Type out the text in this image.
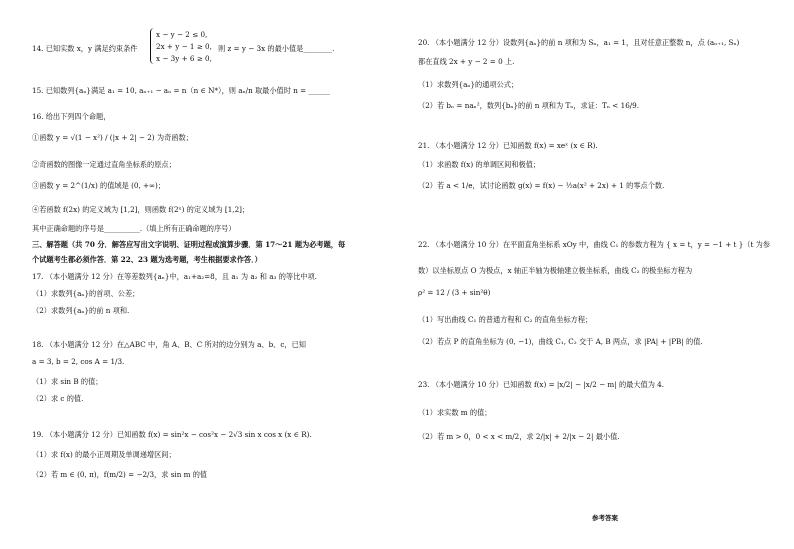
14. 已知实数 x，y 满足约束条件
x − y − 2 ≤ 0,
2x + y − 1 ≥ 0,
x − 3y + 6 ≥ 0,
则 z = y − 3x 的最小值是________.
15. 已知数列{aₙ}满足 a₁ = 10, aₙ₊₁ − aₙ = n（n ∈ N*），则 aₙ/n 取最小值时 n = ______
16. 给出下列四个命题，
①函数 y = √(1 − x²) / (|x + 2| − 2) 为奇函数；
②奇函数的图像一定通过直角坐标系的原点；
③函数 y = 2^(1/x) 的值域是 (0, +∞)；
④若函数 f(2x) 的定义域为 [1,2]，则函数 f(2ˣ) 的定义域为 [1,2]；
其中正确命题的序号是__________.（填上所有正确命题的序号）
三、解答题（共 70 分．解答应写出文字说明、证明过程或演算步骤．第 17～21 题为必考题，每
个试题考生都必须作答．第 22、23 题为选考题，考生根据要求作答．）
17. （本小题满分 12 分）在等差数列{aₙ}中，a₁+a₂=8，且 a₁ 为 a₂ 和 a₃ 的等比中项.
（1）求数列{aₙ}的首项、公差；
（2）求数列{aₙ}的前 n 项和.
18. （本小题满分 12 分）在△ABC 中，角 A、B、C 所对的边分别为 a、b、c，已知
a = 3, b = 2, cos A = 1/3.
（1）求 sin B 的值；
（2）求 c 的值.
19. （本小题满分 12 分）已知函数 f(x) = sin²x − cos²x − 2√3 sin x cos x (x ∈ R).
（1）求 f(x) 的最小正周期及单调递增区间；
（2）若 m ∈ (0, π)，f(m/2) = −2/3，求 sin m 的值
20. （本小题满分 12 分）设数列{aₙ}的前 n 项和为 Sₙ，a₁ = 1，且对任意正整数 n，点 (aₙ₊₁, Sₙ)
都在直线 2x + y − 2 = 0 上.
（1）求数列{aₙ}的通项公式；
（2）若 bₙ = naₙ²，数列{bₙ}的前 n 项和为 Tₙ，求证：Tₙ < 16/9.
21. （本小题满分 12 分）已知函数 f(x) = xeˣ (x ∈ R).
（1）求函数 f(x) 的单调区间和极值；
（2）若 a < 1/e，试讨论函数 g(x) = f(x) − ½a(x² + 2x) + 1 的零点个数.
22. （本小题满分 10 分）在平面直角坐标系 xOy 中，曲线 C₁ 的参数方程为 { x = t，y = −1 + t }（t 为参
数）以坐标原点 O 为极点，x 轴正半轴为极轴建立极坐标系，曲线 C₂ 的极坐标方程为
ρ² = 12 / (3 + sin²θ)
（1）写出曲线 C₁ 的普通方程和 C₂ 的直角坐标方程；
（2）若点 P 的直角坐标为 (0, −1)，曲线 C₁, C₂ 交于 A, B 两点，求 |PA| + |PB| 的值.
23. （本小题满分 10 分）已知函数 f(x) = |x/2| − |x/2 − m| 的最大值为 4.
（1）求实数 m 的值；
（2）若 m > 0，0 < x < m/2，求 2/|x| + 2/|x − 2| 最小值.
参考答案
